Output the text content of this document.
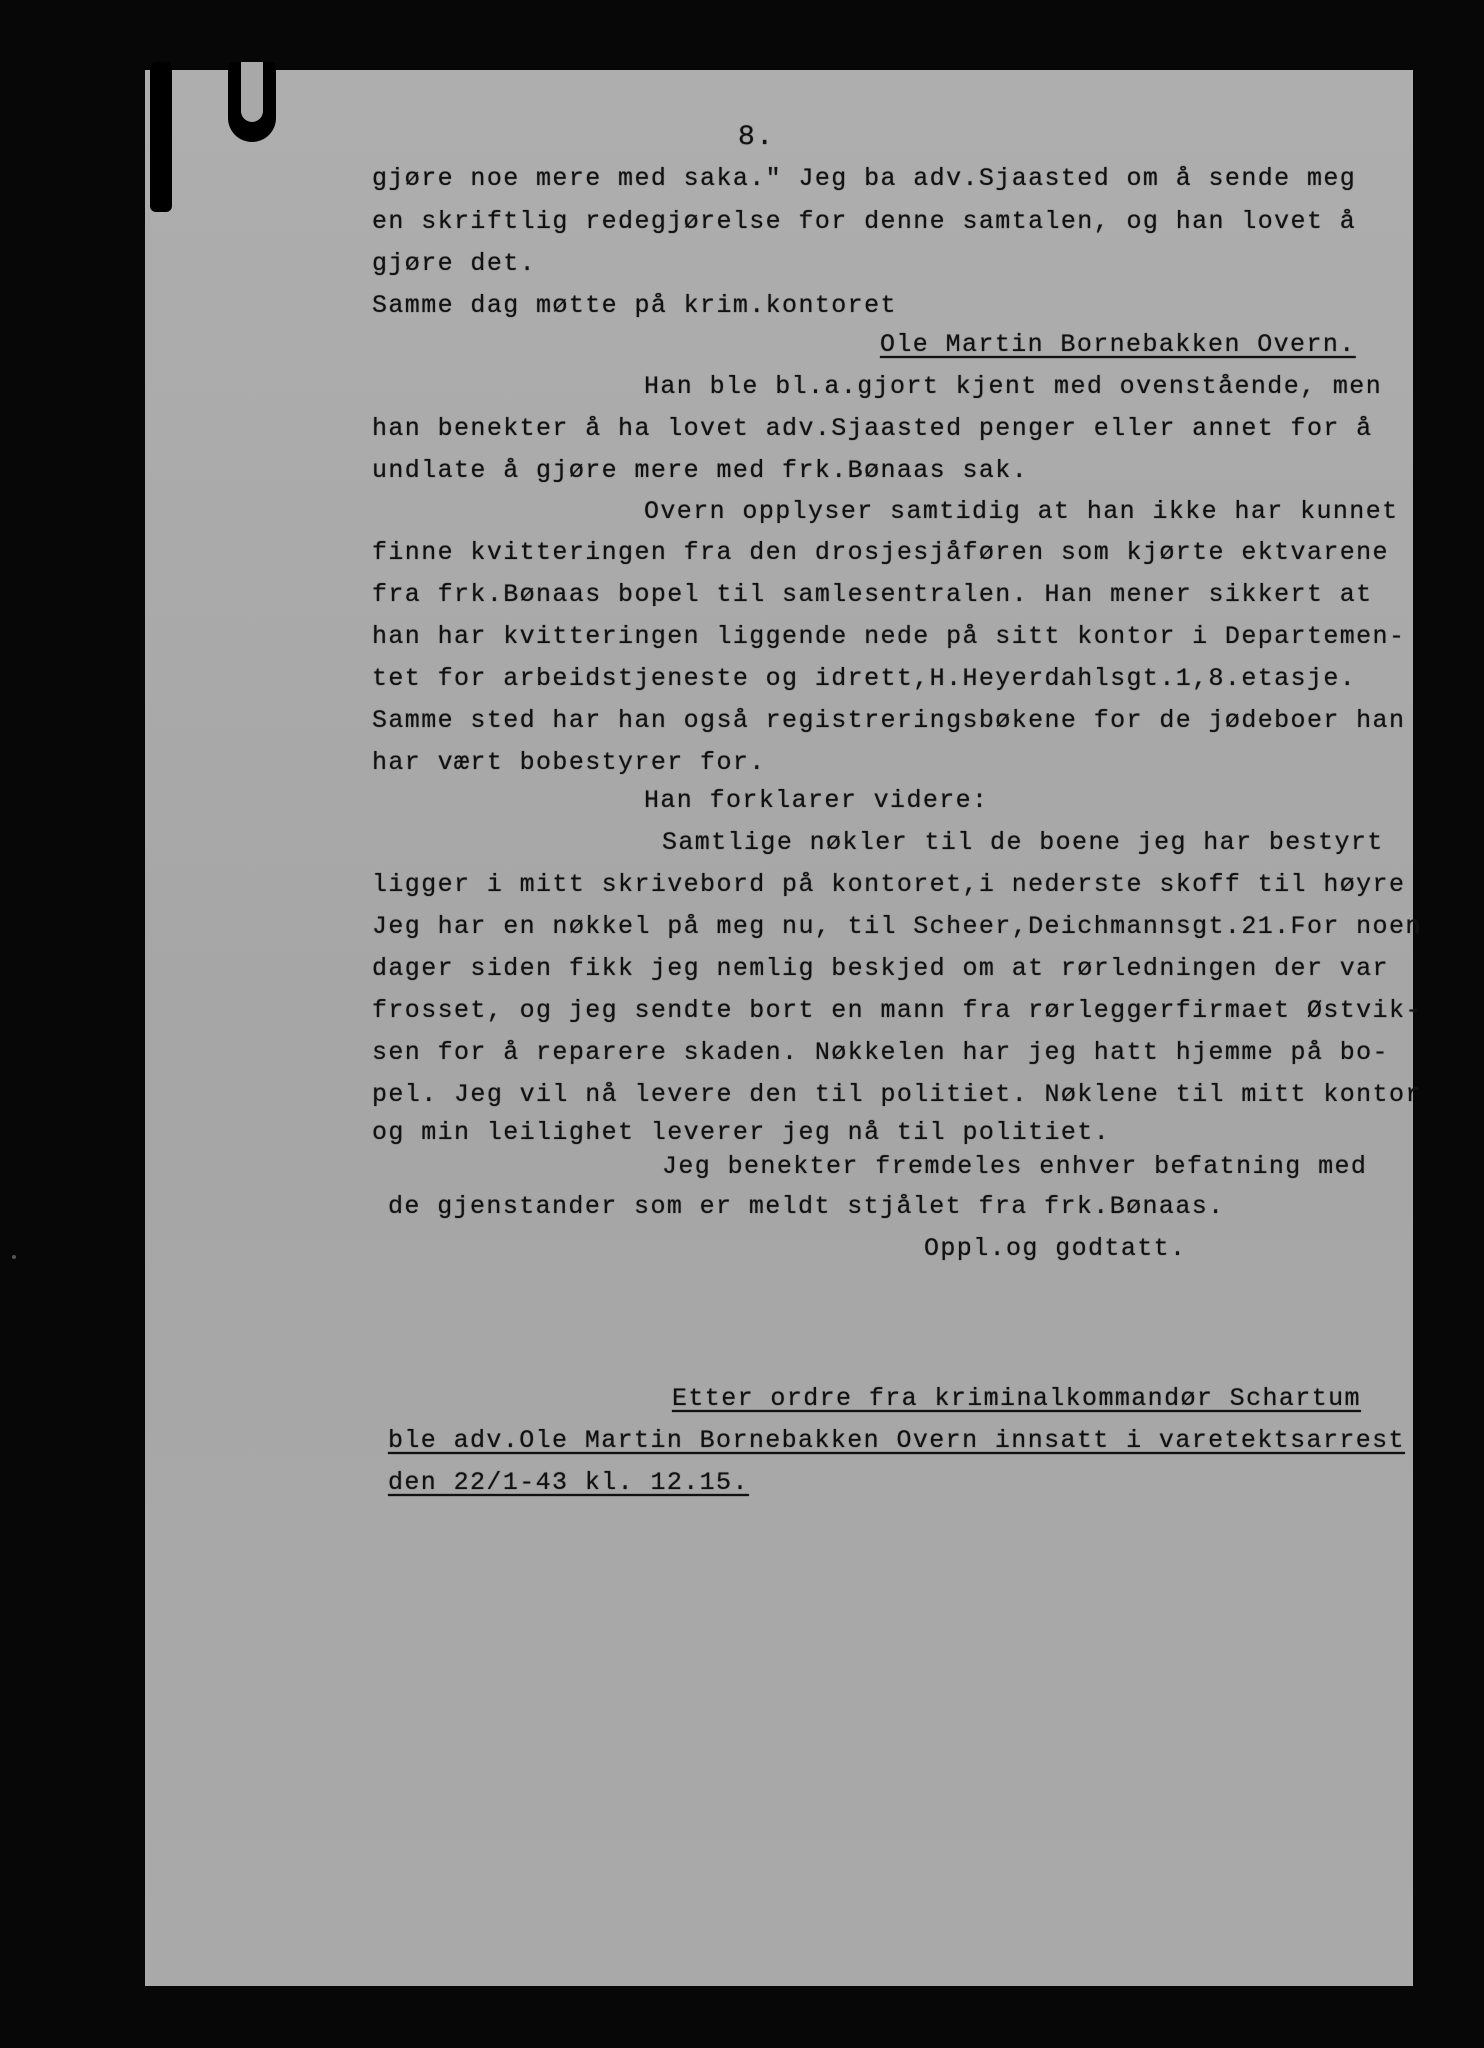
8.
gjøre noe mere med saka." Jeg ba adv.Sjaasted om å sende meg
en skriftlig redegjørelse for denne samtalen, og han lovet å
gjøre det.
Samme dag møtte på krim.kontoret
Ole Martin Bornebakken Overn.
Han ble bl.a.gjort kjent med ovenstående, men
han benekter å ha lovet adv.Sjaasted penger eller annet for å
undlate å gjøre mere med frk.Bønaas sak.
Overn opplyser samtidig at han ikke har kunnet
finne kvitteringen fra den drosjesjåføren som kjørte ektvarene
fra frk.Bønaas bopel til samlesentralen. Han mener sikkert at
han har kvitteringen liggende nede på sitt kontor i Departemen-
tet for arbeidstjeneste og idrett,H.Heyerdahlsgt.1,8.etasje.
Samme sted har han også registreringsbøkene for de jødeboer han
har vært bobestyrer for.
Han forklarer videre:
Samtlige nøkler til de boene jeg har bestyrt
ligger i mitt skrivebord på kontoret,i nederste skoff til høyre
Jeg har en nøkkel på meg nu, til Scheer,Deichmannsgt.21.For noen
dager siden fikk jeg nemlig beskjed om at rørledningen der var
frosset, og jeg sendte bort en mann fra rørleggerfirmaet Østvik-
sen for å reparere skaden. Nøkkelen har jeg hatt hjemme på bo-
pel. Jeg vil nå levere den til politiet. Nøklene til mitt kontor
og min leilighet leverer jeg nå til politiet.
Jeg benekter fremdeles enhver befatning med
de gjenstander som er meldt stjålet fra frk.Bønaas.
Oppl.og godtatt.
Etter ordre fra kriminalkommandør Schartum
ble adv.Ole Martin Bornebakken Overn innsatt i varetektsarrest
den 22/1-43 kl. 12.15.
